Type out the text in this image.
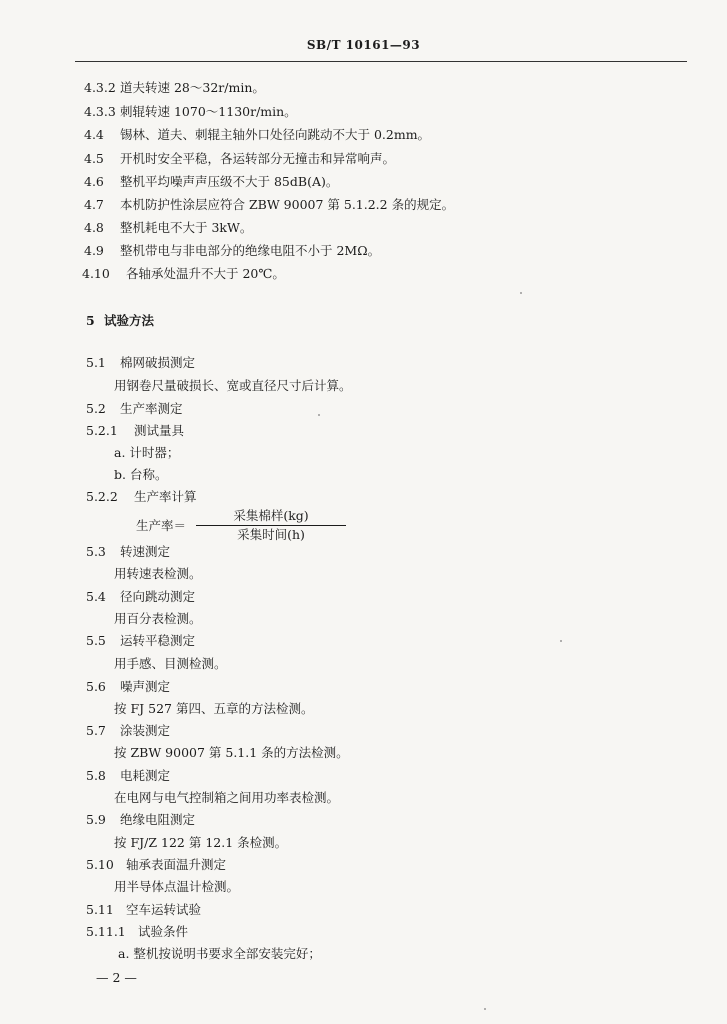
SB/T 10161—93
4.3.2 道夫转速 28～32r/min。
4.3.3 刺辊转速 1070～1130r/min。
4.4 锡林、道夫、刺辊主轴外口处径向跳动不大于 0.2mm。
4.5 开机时安全平稳，各运转部分无撞击和异常响声。
4.6 整机平均噪声声压级不大于 85dB(A)。
4.7 本机防护性涂层应符合 ZBW 90007 第 5.1.2.2 条的规定。
4.8 整机耗电不大于 3kW。
4.9 整机带电与非电部分的绝缘电阻不小于 2MΩ。
4.10 各轴承处温升不大于 20℃。
5 试验方法
5.1 棉网破损测定
用钢卷尺量破损长、宽或直径尺寸后计算。
5.2 生产率测定
5.2.1 测试量具
a. 计时器；
b. 台称。
5.2.2 生产率计算
生产率＝
采集棉样(kg)
采集时间(h)
5.3 转速测定
用转速表检测。
5.4 径向跳动测定
用百分表检测。
5.5 运转平稳测定
用手感、目测检测。
5.6 噪声测定
按 FJ 527 第四、五章的方法检测。
5.7 涂装测定
按 ZBW 90007 第 5.1.1 条的方法检测。
5.8 电耗测定
在电网与电气控制箱之间用功率表检测。
5.9 绝缘电阻测定
按 FJ/Z 122 第 12.1 条检测。
5.10 轴承表面温升测定
用半导体点温计检测。
5.11 空车运转试验
5.11.1 试验条件
a. 整机按说明书要求全部安装完好；
— 2 —
